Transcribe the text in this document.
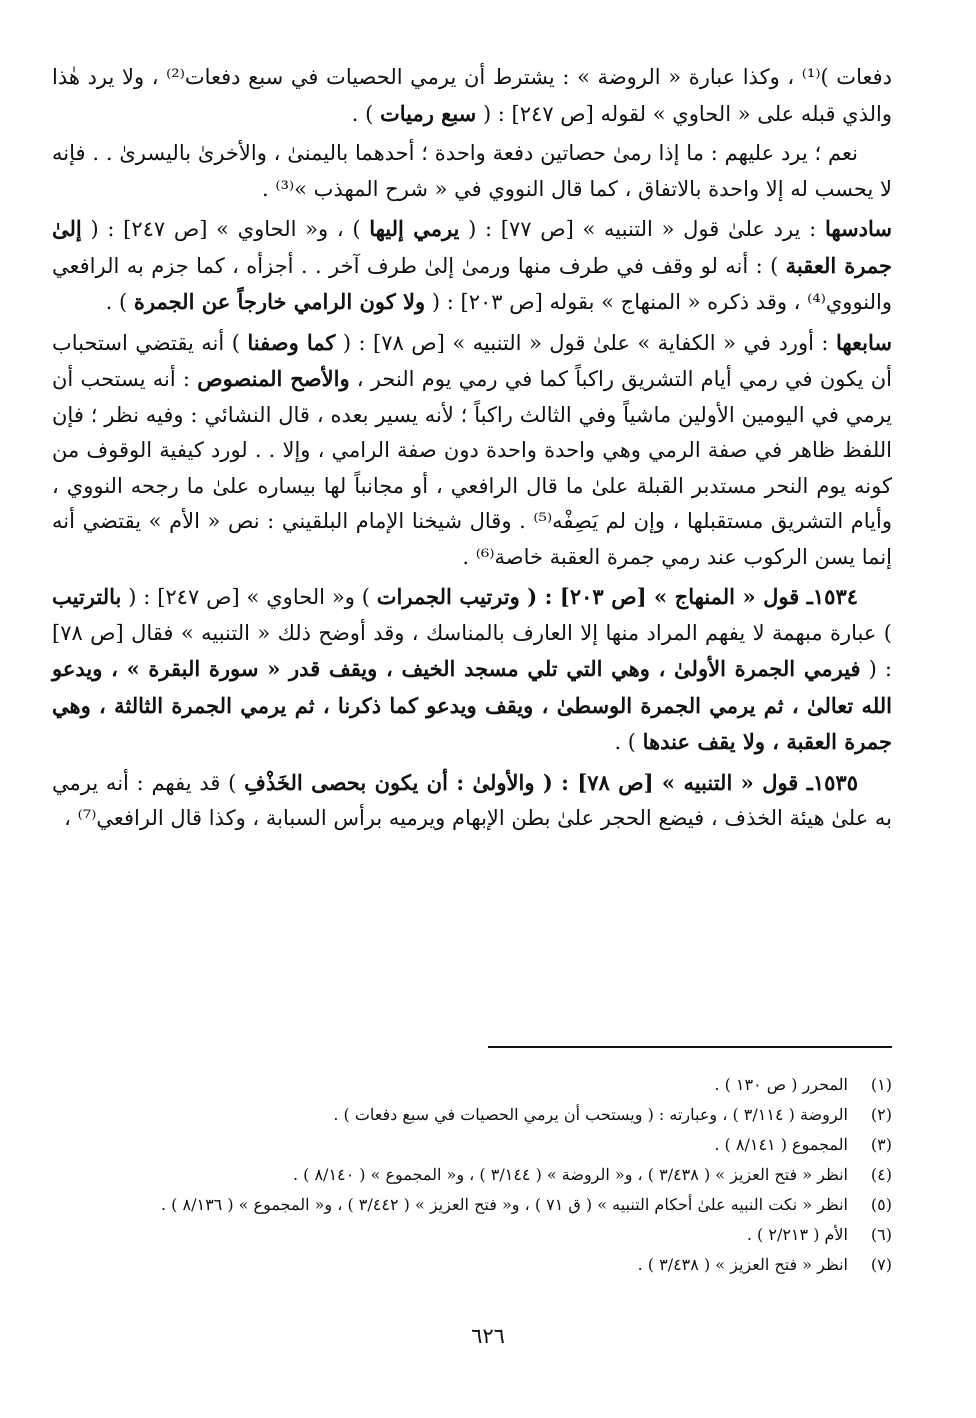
دفعات )⁽¹⁾ ، وكذا عبارة « الروضة » : يشترط أن يرمي الحصيات في سبع دفعات⁽²⁾ ، ولا يرد هٰذا والذي قبله على « الحاوي » لقوله [ص ٢٤٧] : ( سبع رميات ) .

نعم ؛ يرد عليهم : ما إذا رمىٰ حصاتين دفعة واحدة ؛ أحدهما باليمنىٰ ، والأخرىٰ باليسرىٰ . . فإنه لا يحسب له إلا واحدة بالاتفاق ، كما قال النووي في « شرح المهذب »⁽³⁾ .

سادسها : يرد علىٰ قول « التنبيه » [ص ٧٧] : ( يرمي إليها ) ، و« الحاوي » [ص ٢٤٧] : ( إلىٰ جمرة العقبة ) : أنه لو وقف في طرف منها ورمىٰ إلىٰ طرف آخر . . أجزأه ، كما جزم به الرافعي والنووي⁽⁴⁾ ، وقد ذكره « المنهاج » بقوله [ص ٢٠٣] : ( ولا كون الرامي خارجاً عن الجمرة ) .

سابعها : أورد في « الكفاية » علىٰ قول « التنبيه » [ص ٧٨] : ( كما وصفنا ) أنه يقتضي استحباب أن يكون في رمي أيام التشريق راكباً كما في رمي يوم النحر ، والأصح المنصوص : أنه يستحب أن يرمي في اليومين الأولين ماشياً وفي الثالث راكباً ؛ لأنه يسير بعده ، قال النشائي : وفيه نظر ؛ فإن اللفظ ظاهر في صفة الرمي وهي واحدة واحدة دون صفة الرامي ، وإلا . . لورد كيفية الوقوف من كونه يوم النحر مستدبر القبلة علىٰ ما قال الرافعي ، أو مجانباً لها بيساره علىٰ ما رجحه النووي ، وأيام التشريق مستقبلها ، وإن لم يَصِفْه⁽⁵⁾ . وقال شيخنا الإمام البلقيني : نص « الأم » يقتضي أنه إنما يسن الركوب عند رمي جمرة العقبة خاصة⁽⁶⁾ .

١٥٣٤ـ قول « المنهاج » [ص ٢٠٣] : ( وترتيب الجمرات ) و« الحاوي » [ص ٢٤٧] : ( بالترتيب ) عبارة مبهمة لا يفهم المراد منها إلا العارف بالمناسك ، وقد أوضح ذلك « التنبيه » فقال [ص ٧٨] : ( فيرمي الجمرة الأولىٰ ، وهي التي تلي مسجد الخيف ، ويقف قدر « سورة البقرة » ، ويدعو الله تعالىٰ ، ثم يرمي الجمرة الوسطىٰ ، ويقف ويدعو كما ذكرنا ، ثم يرمي الجمرة الثالثة ، وهي جمرة العقبة ، ولا يقف عندها ) .

١٥٣٥ـ قول « التنبيه » [ص ٧٨] : ( والأولىٰ : أن يكون بحصى الخَذْفِ ) قد يفهم : أنه يرمي به علىٰ هيئة الخذف ، فيضع الحجر علىٰ بطن الإبهام ويرميه برأس السبابة ، وكذا قال الرافعي⁽⁷⁾ ،

(١)
المحرر ( ص ١٣٠ ) .
(٢)
الروضة ( ٣/١١٤ ) ، وعبارته : ( ويستحب أن يرمي الحصيات في سبع دفعات ) .
(٣)
المجموع ( ٨/١٤١ ) .
(٤)
انظر « فتح العزيز » ( ٣/٤٣٨ ) ، و« الروضة » ( ٣/١٤٤ ) ، و« المجموع » ( ٨/١٤٠ ) .
(٥)
انظر « نكت النبيه علىٰ أحكام التنبيه » ( ق ٧١ ) ، و« فتح العزيز » ( ٣/٤٤٢ ) ، و« المجموع » ( ٨/١٣٦ ) .
(٦)
الأم ( ٢/٢١٣ ) .
(٧)
انظر « فتح العزيز » ( ٣/٤٣٨ ) .
٦٢٦
